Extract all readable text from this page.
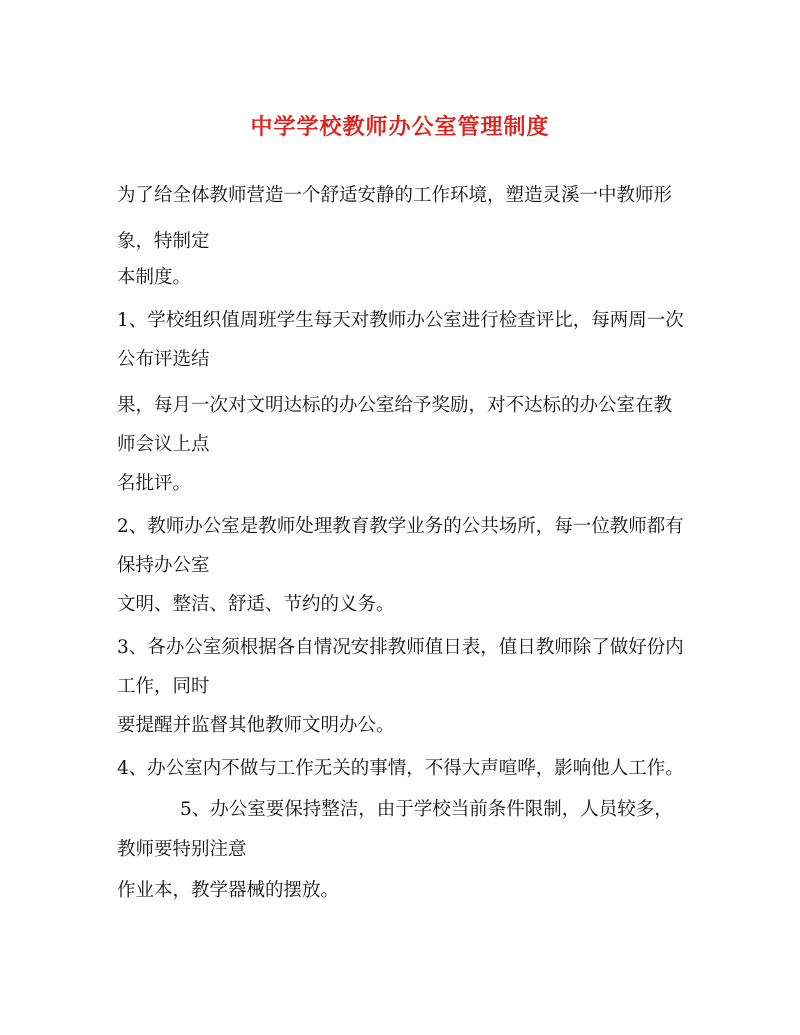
中学学校教师办公室管理制度
为了给全体教师营造一个舒适安静的工作环境，塑造灵溪一中教师形
象，特制定
本制度。
1、学校组织值周班学生每天对教师办公室进行检查评比，每两周一次
公布评选结
果，每月一次对文明达标的办公室给予奖励，对不达标的办公室在教
师会议上点
名批评。
2、教师办公室是教师处理教育教学业务的公共场所，每一位教师都有
保持办公室
文明、整洁、舒适、节约的义务。
3、各办公室须根据各自情况安排教师值日表，值日教师除了做好份内
工作，同时
要提醒并监督其他教师文明办公。
4、办公室内不做与工作无关的事情，不得大声喧哗，影响他人工作。
5、办公室要保持整洁，由于学校当前条件限制，人员较多，
教师要特别注意
作业本，教学器械的摆放。
